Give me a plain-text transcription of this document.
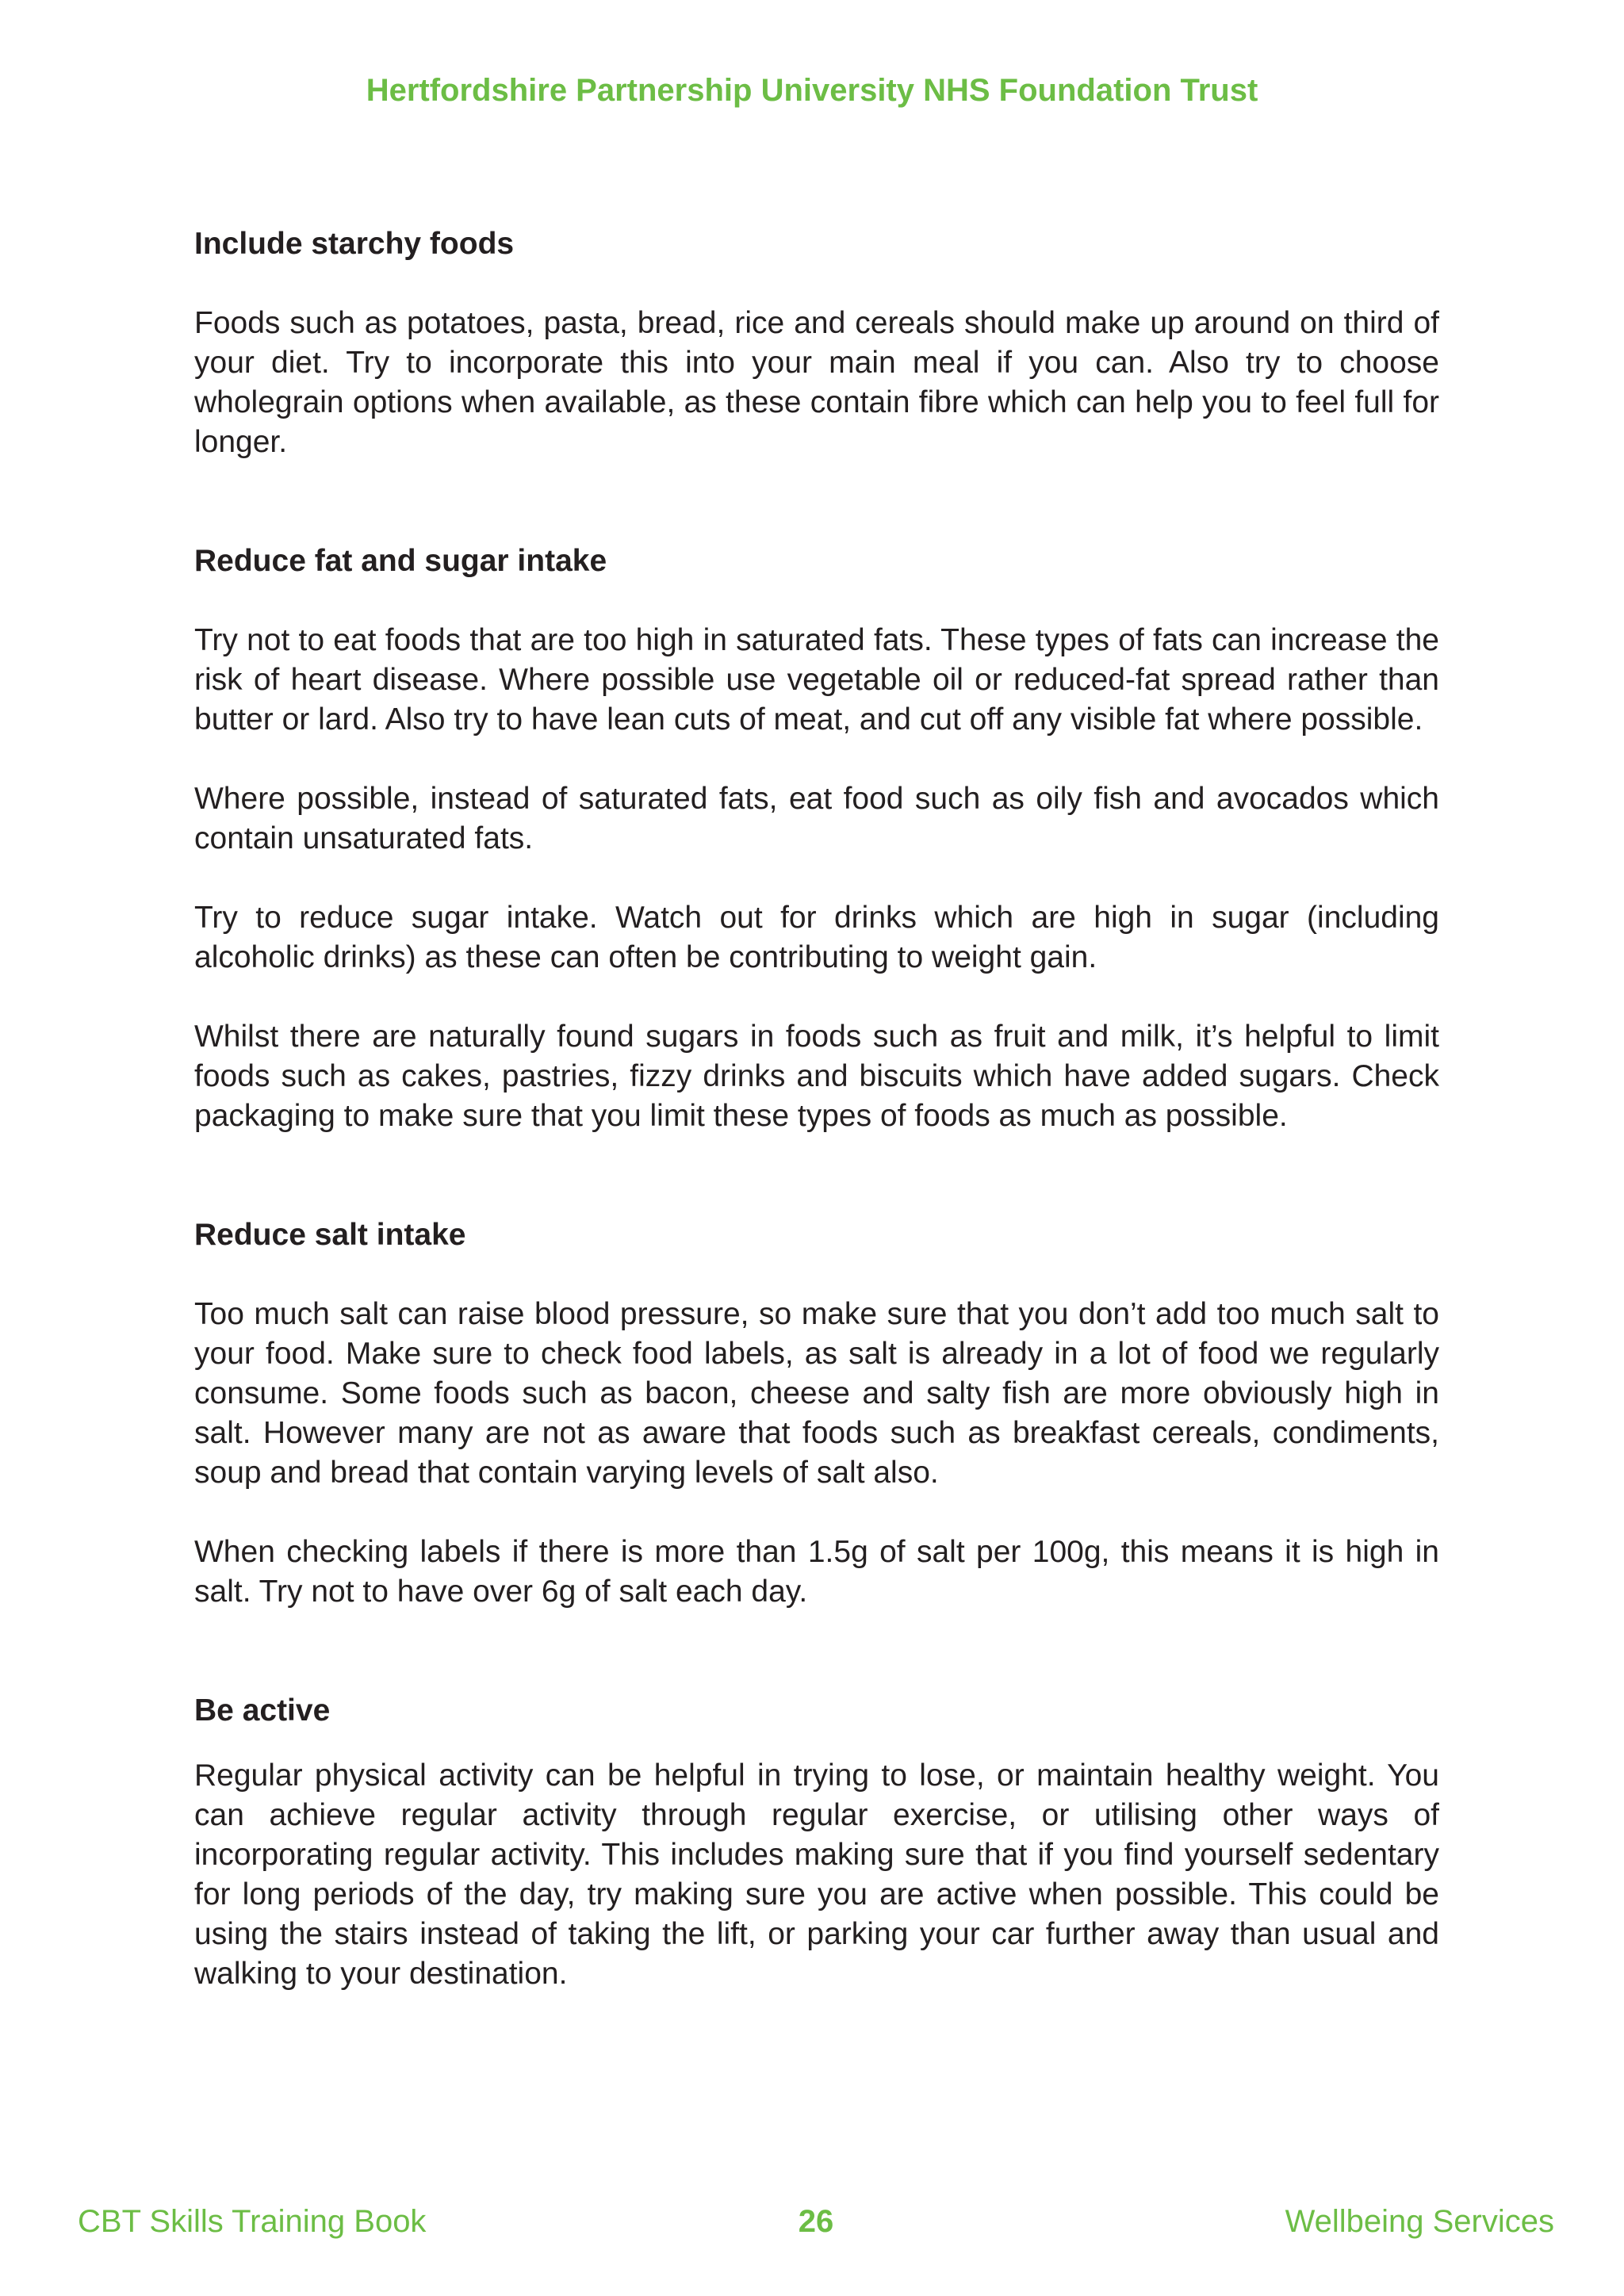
Hertfordshire Partnership University NHS Foundation Trust
Include starchy foods

Foods such as potatoes, pasta, bread, rice and cereals should make up around on third of your diet. Try to incorporate this into your main meal if you can. Also try to choose wholegrain options when available, as these contain fibre which can help you to feel full for longer.

Reduce fat and sugar intake

Try not to eat foods that are too high in saturated fats. These types of fats can increase the risk of heart disease. Where possible use vegetable oil or reduced-fat spread rather than butter or lard. Also try to have lean cuts of meat, and cut off any visible fat where possible.

Where possible, instead of saturated fats, eat food such as oily fish and avocados which contain unsaturated fats.

Try to reduce sugar intake. Watch out for drinks which are high in sugar (including alcoholic drinks) as these can often be contributing to weight gain.

Whilst there are naturally found sugars in foods such as fruit and milk, it’s helpful to limit foods such as cakes, pastries, fizzy drinks and biscuits which have added sugars. Check packaging to make sure that you limit these types of foods as much as possible.

Reduce salt intake

Too much salt can raise blood pressure, so make sure that you don’t add too much salt to your food. Make sure to check food labels, as salt is already in a lot of food we regularly consume. Some foods such as bacon, cheese and salty fish are more obviously high in salt. However many are not as aware that foods such as breakfast cereals, condiments, soup and bread that contain varying levels of salt also.

When checking labels if there is more than 1.5g of salt per 100g, this means it is high in salt. Try not to have over 6g of salt each day.

Be active

Regular physical activity can be helpful in trying to lose, or maintain healthy weight. You can achieve regular activity through regular exercise, or utilising other ways of incorporating regular activity. This includes making sure that if you find yourself sedentary for long periods of the day, try making sure you are active when possible. This could be using the stairs instead of taking the lift, or parking your car further away than usual and walking to your destination.

CBT Skills Training Book	26	Wellbeing Services
